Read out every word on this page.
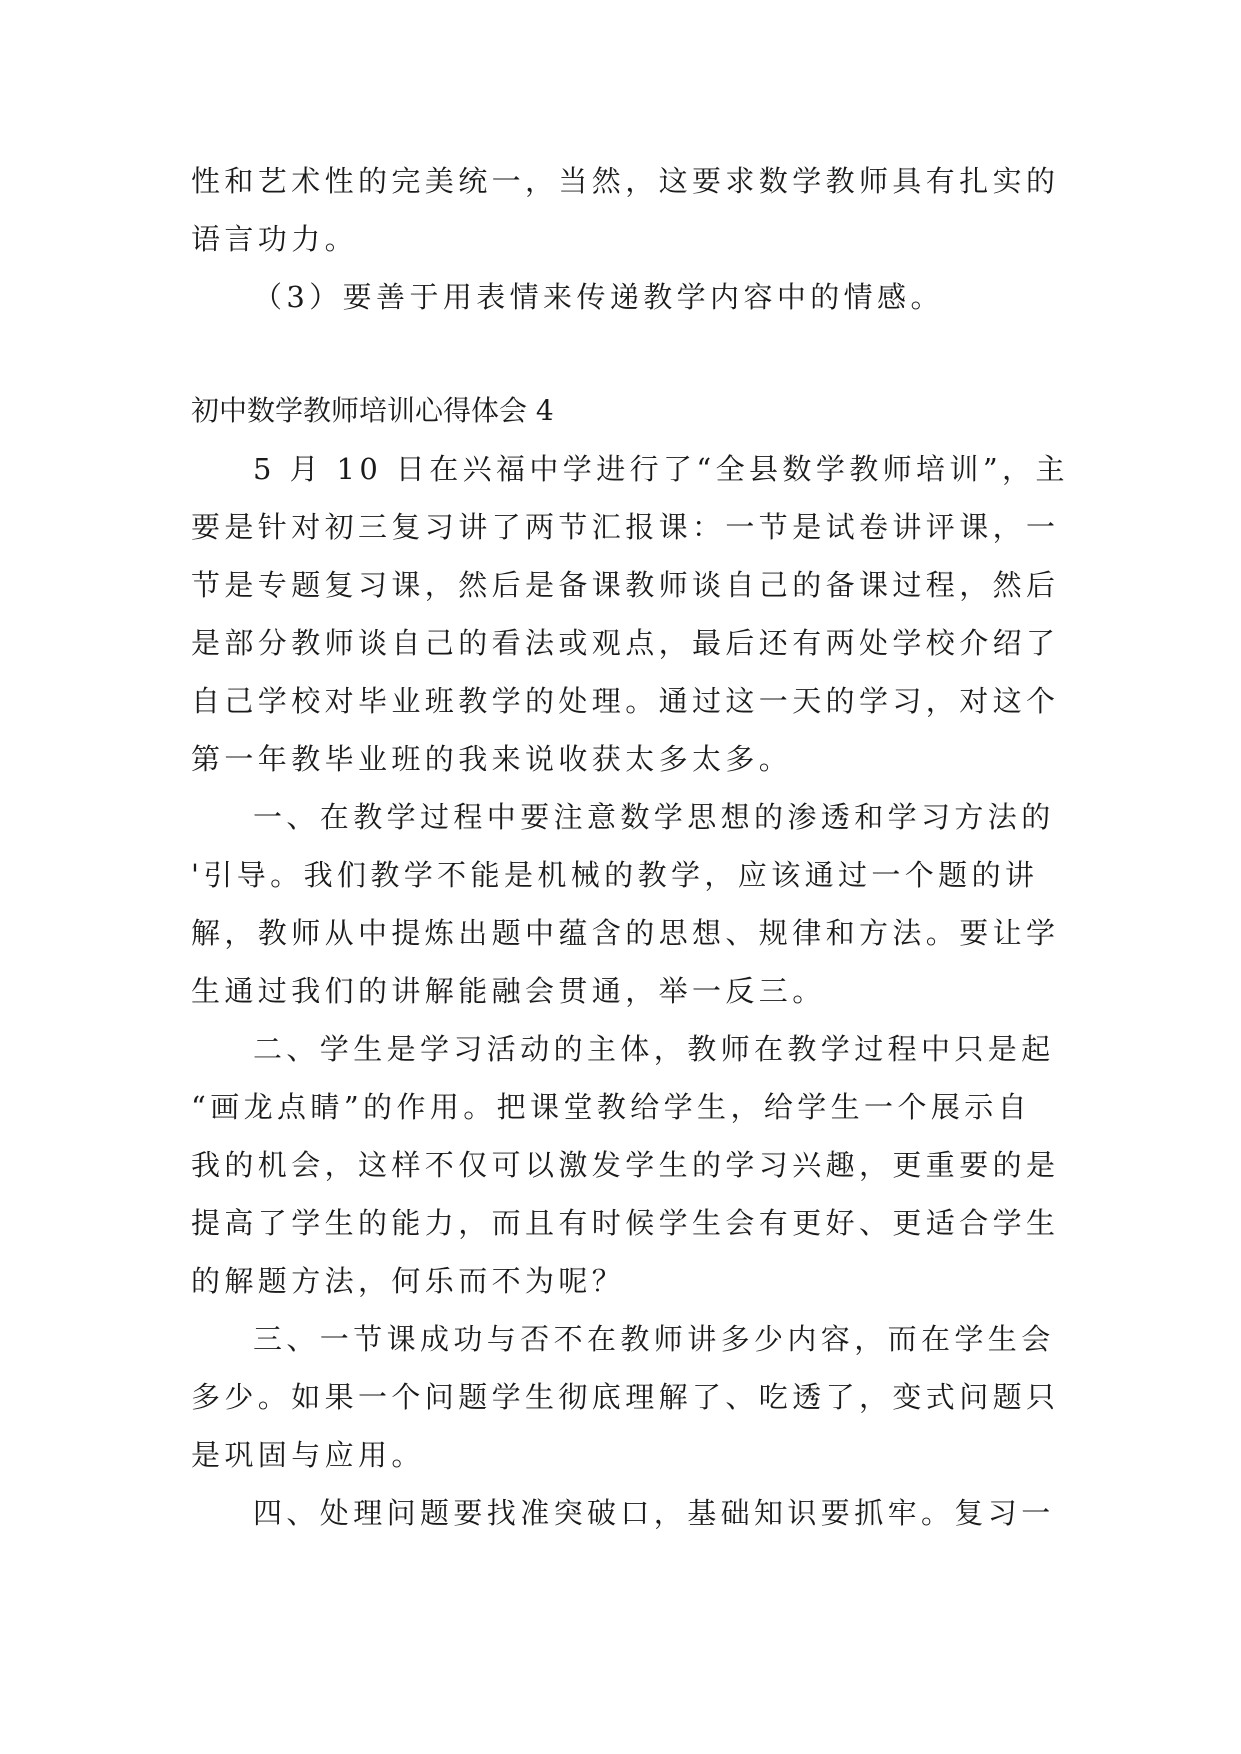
性和艺术性的完美统一，当然，这要求数学教师具有扎实的
语言功力。
（3）要善于用表情来传递教学内容中的情感。
初中数学教师培训心得体会 4
5 月 10 日在兴福中学进行了“全县数学教师培训”，主
要是针对初三复习讲了两节汇报课：一节是试卷讲评课，一
节是专题复习课，然后是备课教师谈自己的备课过程，然后
是部分教师谈自己的看法或观点，最后还有两处学校介绍了
自己学校对毕业班教学的处理。通过这一天的学习，对这个
第一年教毕业班的我来说收获太多太多。
一、在教学过程中要注意数学思想的渗透和学习方法的
'引导。我们教学不能是机械的教学，应该通过一个题的讲
解，教师从中提炼出题中蕴含的思想、规律和方法。要让学
生通过我们的讲解能融会贯通，举一反三。
二、学生是学习活动的主体，教师在教学过程中只是起
“画龙点睛”的作用。把课堂教给学生，给学生一个展示自
我的机会，这样不仅可以激发学生的学习兴趣，更重要的是
提高了学生的能力，而且有时候学生会有更好、更适合学生
的解题方法，何乐而不为呢？
三、一节课成功与否不在教师讲多少内容，而在学生会
多少。如果一个问题学生彻底理解了、吃透了，变式问题只
是巩固与应用。
四、处理问题要找准突破口，基础知识要抓牢。复习一
